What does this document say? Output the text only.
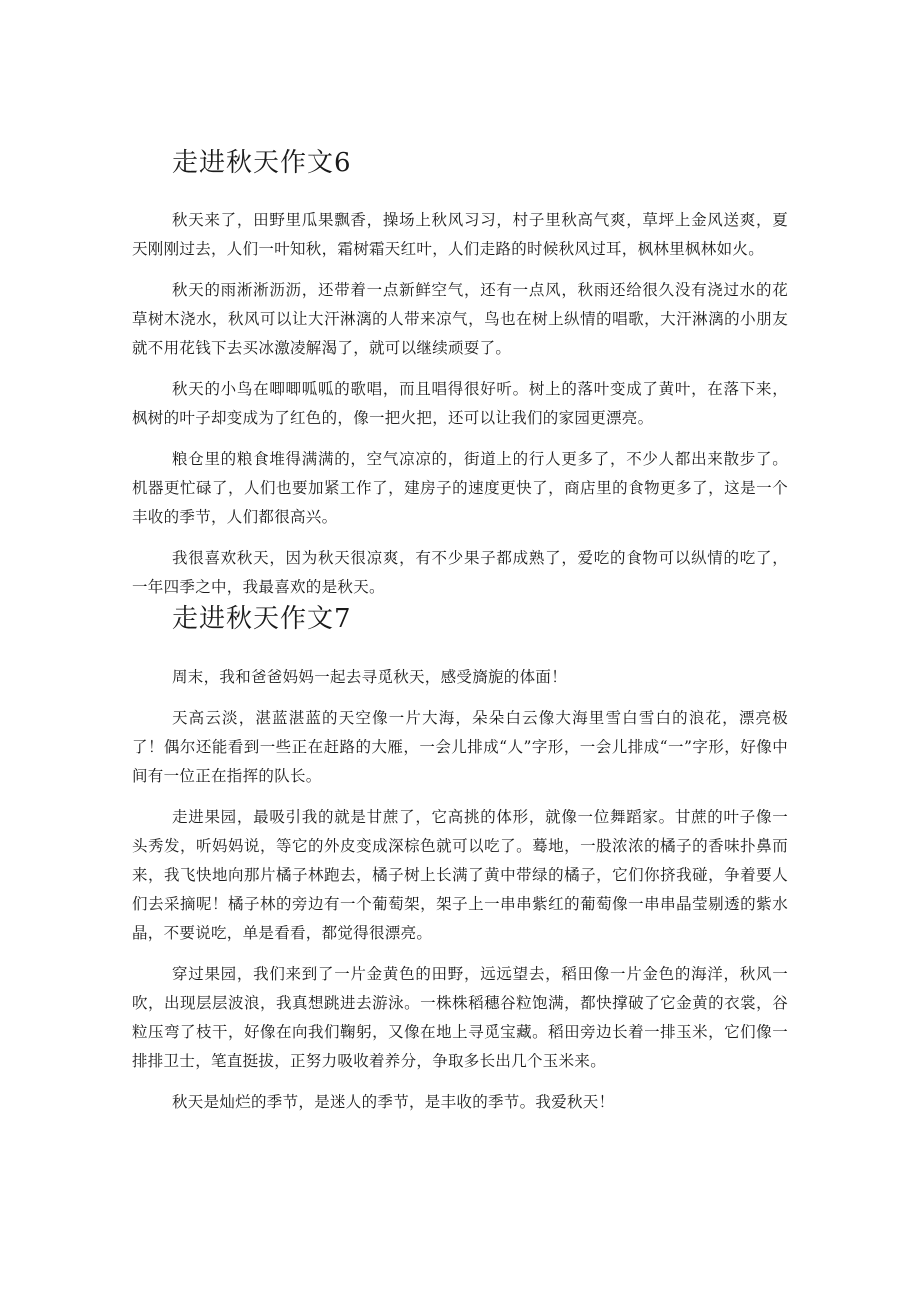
走进秋天作文6

秋天来了，田野里瓜果飘香，操场上秋风习习，村子里秋高气爽，草坪上金风送爽，夏天刚刚过去，人们一叶知秋，霜树霜天红叶，人们走路的时候秋风过耳，枫林里枫林如火。

秋天的雨淅淅沥沥，还带着一点新鲜空气，还有一点风，秋雨还给很久没有浇过水的花草树木浇水，秋风可以让大汗淋漓的人带来凉气，鸟也在树上纵情的唱歌，大汗淋漓的小朋友就不用花钱下去买冰激凌解渴了，就可以继续顽耍了。

秋天的小鸟在唧唧呱呱的歌唱，而且唱得很好听。树上的落叶变成了黄叶，在落下来，枫树的叶子却变成为了红色的，像一把火把，还可以让我们的家园更漂亮。

粮仓里的粮食堆得满满的，空气凉凉的，街道上的行人更多了，不少人都出来散步了。机器更忙碌了，人们也要加紧工作了，建房子的速度更快了，商店里的食物更多了，这是一个丰收的季节，人们都很高兴。

我很喜欢秋天，因为秋天很凉爽，有不少果子都成熟了，爱吃的食物可以纵情的吃了，一年四季之中，我最喜欢的是秋天。

走进秋天作文7

周末，我和爸爸妈妈一起去寻觅秋天，感受旖旎的体面！

天高云淡，湛蓝湛蓝的天空像一片大海，朵朵白云像大海里雪白雪白的浪花，漂亮极了！偶尔还能看到一些正在赶路的大雁，一会儿排成“人”字形，一会儿排成“一”字形，好像中间有一位正在指挥的队长。

走进果园，最吸引我的就是甘蔗了，它高挑的体形，就像一位舞蹈家。甘蔗的叶子像一头秀发，听妈妈说，等它的外皮变成深棕色就可以吃了。蓦地，一股浓浓的橘子的香味扑鼻而来，我飞快地向那片橘子林跑去，橘子树上长满了黄中带绿的橘子，它们你挤我碰，争着要人们去采摘呢！橘子林的旁边有一个葡萄架，架子上一串串紫红的葡萄像一串串晶莹剔透的紫水晶，不要说吃，单是看看，都觉得很漂亮。

穿过果园，我们来到了一片金黄色的田野，远远望去，稻田像一片金色的海洋，秋风一吹，出现层层波浪，我真想跳进去游泳。一株株稻穗谷粒饱满，都快撑破了它金黄的衣裳，谷粒压弯了枝干，好像在向我们鞠躬，又像在地上寻觅宝藏。稻田旁边长着一排玉米，它们像一排排卫士，笔直挺拔，正努力吸收着养分，争取多长出几个玉米来。

秋天是灿烂的季节，是迷人的季节，是丰收的季节。我爱秋天！
